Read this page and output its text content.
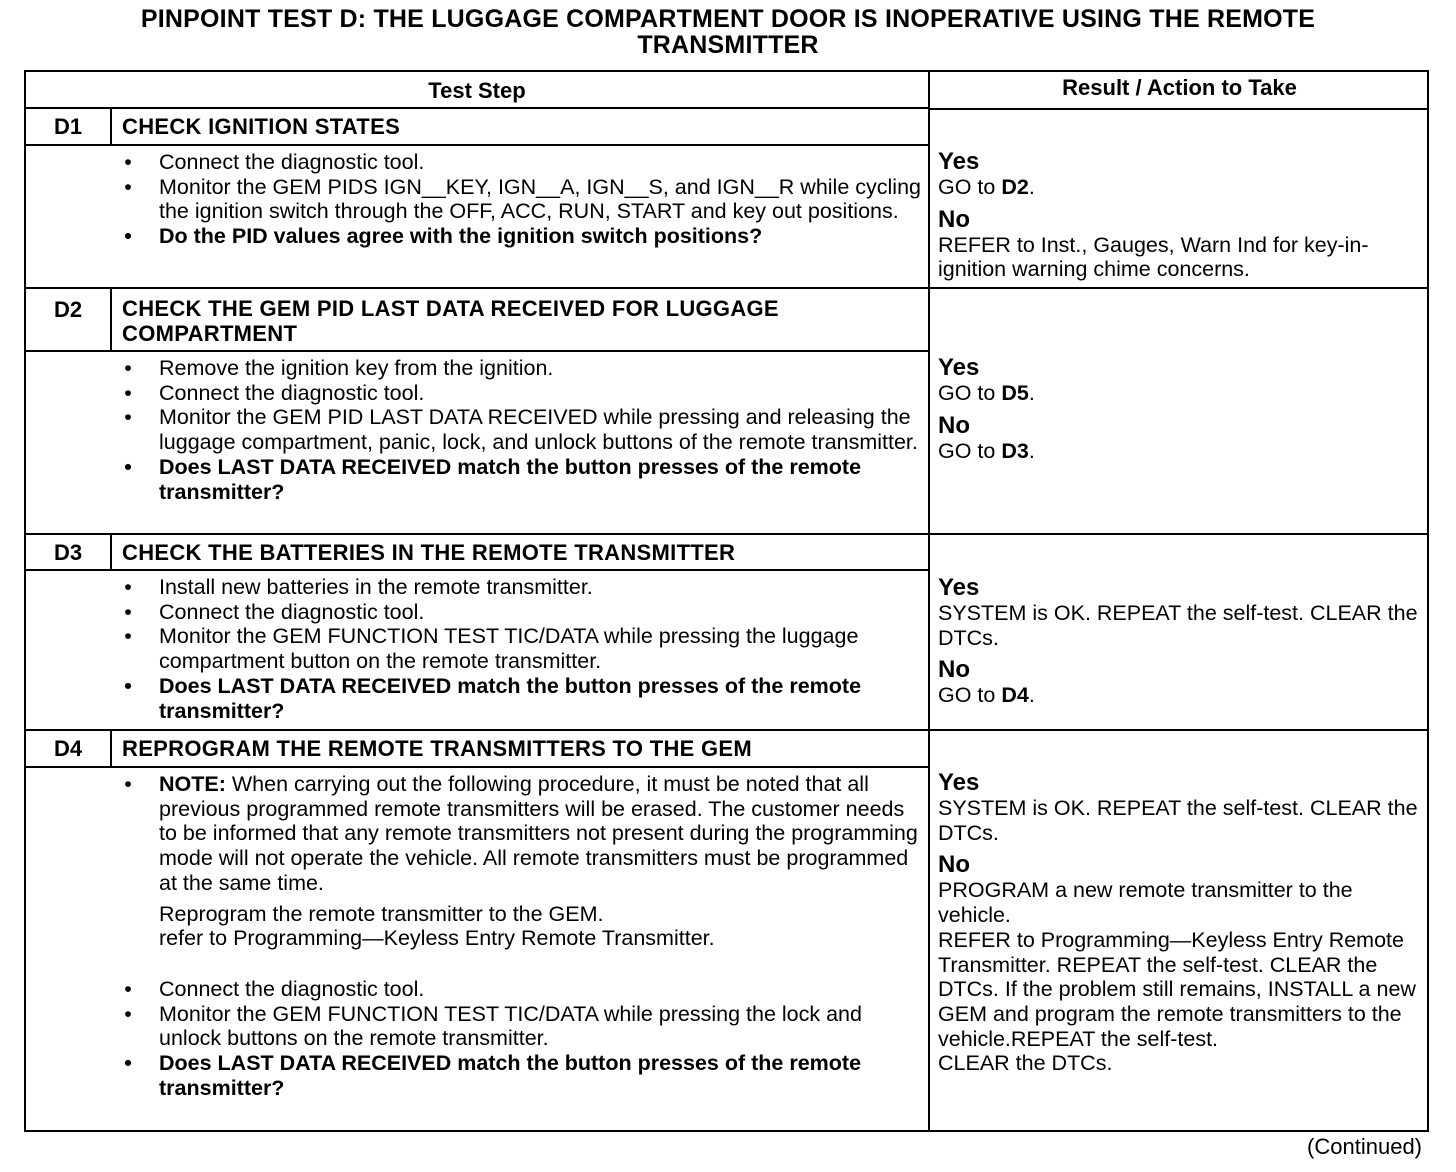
PINPOINT TEST D: THE LUGGAGE COMPARTMENT DOOR IS INOPERATIVE USING THE REMOTE
TRANSMITTER
Test Step	Result / Action to Take
D1	CHECK IGNITION STATES
• Connect the diagnostic tool.
• Monitor the GEM PIDS IGN__KEY, IGN__A, IGN__S, and IGN__R while cycling the ignition switch through the OFF, ACC, RUN, START and key out positions.
• Do the PID values agree with the ignition switch positions?
Yes
GO to D2.
No
REFER to Inst., Gauges, Warn Ind for key-in-ignition warning chime concerns.
D2	CHECK THE GEM PID LAST DATA RECEIVED FOR LUGGAGE COMPARTMENT
• Remove the ignition key from the ignition.
• Connect the diagnostic tool.
• Monitor the GEM PID LAST DATA RECEIVED while pressing and releasing the luggage compartment, panic, lock, and unlock buttons of the remote transmitter.
• Does LAST DATA RECEIVED match the button presses of the remote transmitter?
Yes
GO to D5.
No
GO to D3.
D3	CHECK THE BATTERIES IN THE REMOTE TRANSMITTER
• Install new batteries in the remote transmitter.
• Connect the diagnostic tool.
• Monitor the GEM FUNCTION TEST TIC/DATA while pressing the luggage compartment button on the remote transmitter.
• Does LAST DATA RECEIVED match the button presses of the remote transmitter?
Yes
SYSTEM is OK. REPEAT the self-test. CLEAR the DTCs.
No
GO to D4.
D4	REPROGRAM THE REMOTE TRANSMITTERS TO THE GEM
• NOTE: When carrying out the following procedure, it must be noted that all previous programmed remote transmitters will be erased. The customer needs to be informed that any remote transmitters not present during the programming mode will not operate the vehicle. All remote transmitters must be programmed at the same time.
Reprogram the remote transmitter to the GEM.
refer to Programming—Keyless Entry Remote Transmitter.
• Connect the diagnostic tool.
• Monitor the GEM FUNCTION TEST TIC/DATA while pressing the lock and unlock buttons on the remote transmitter.
• Does LAST DATA RECEIVED match the button presses of the remote transmitter?
Yes
SYSTEM is OK. REPEAT the self-test. CLEAR the DTCs.
No
PROGRAM a new remote transmitter to the vehicle.
REFER to Programming—Keyless Entry Remote Transmitter. REPEAT the self-test. CLEAR the DTCs. If the problem still remains, INSTALL a new GEM and program the remote transmitters to the vehicle.REPEAT the self-test.
CLEAR the DTCs.
(Continued)
